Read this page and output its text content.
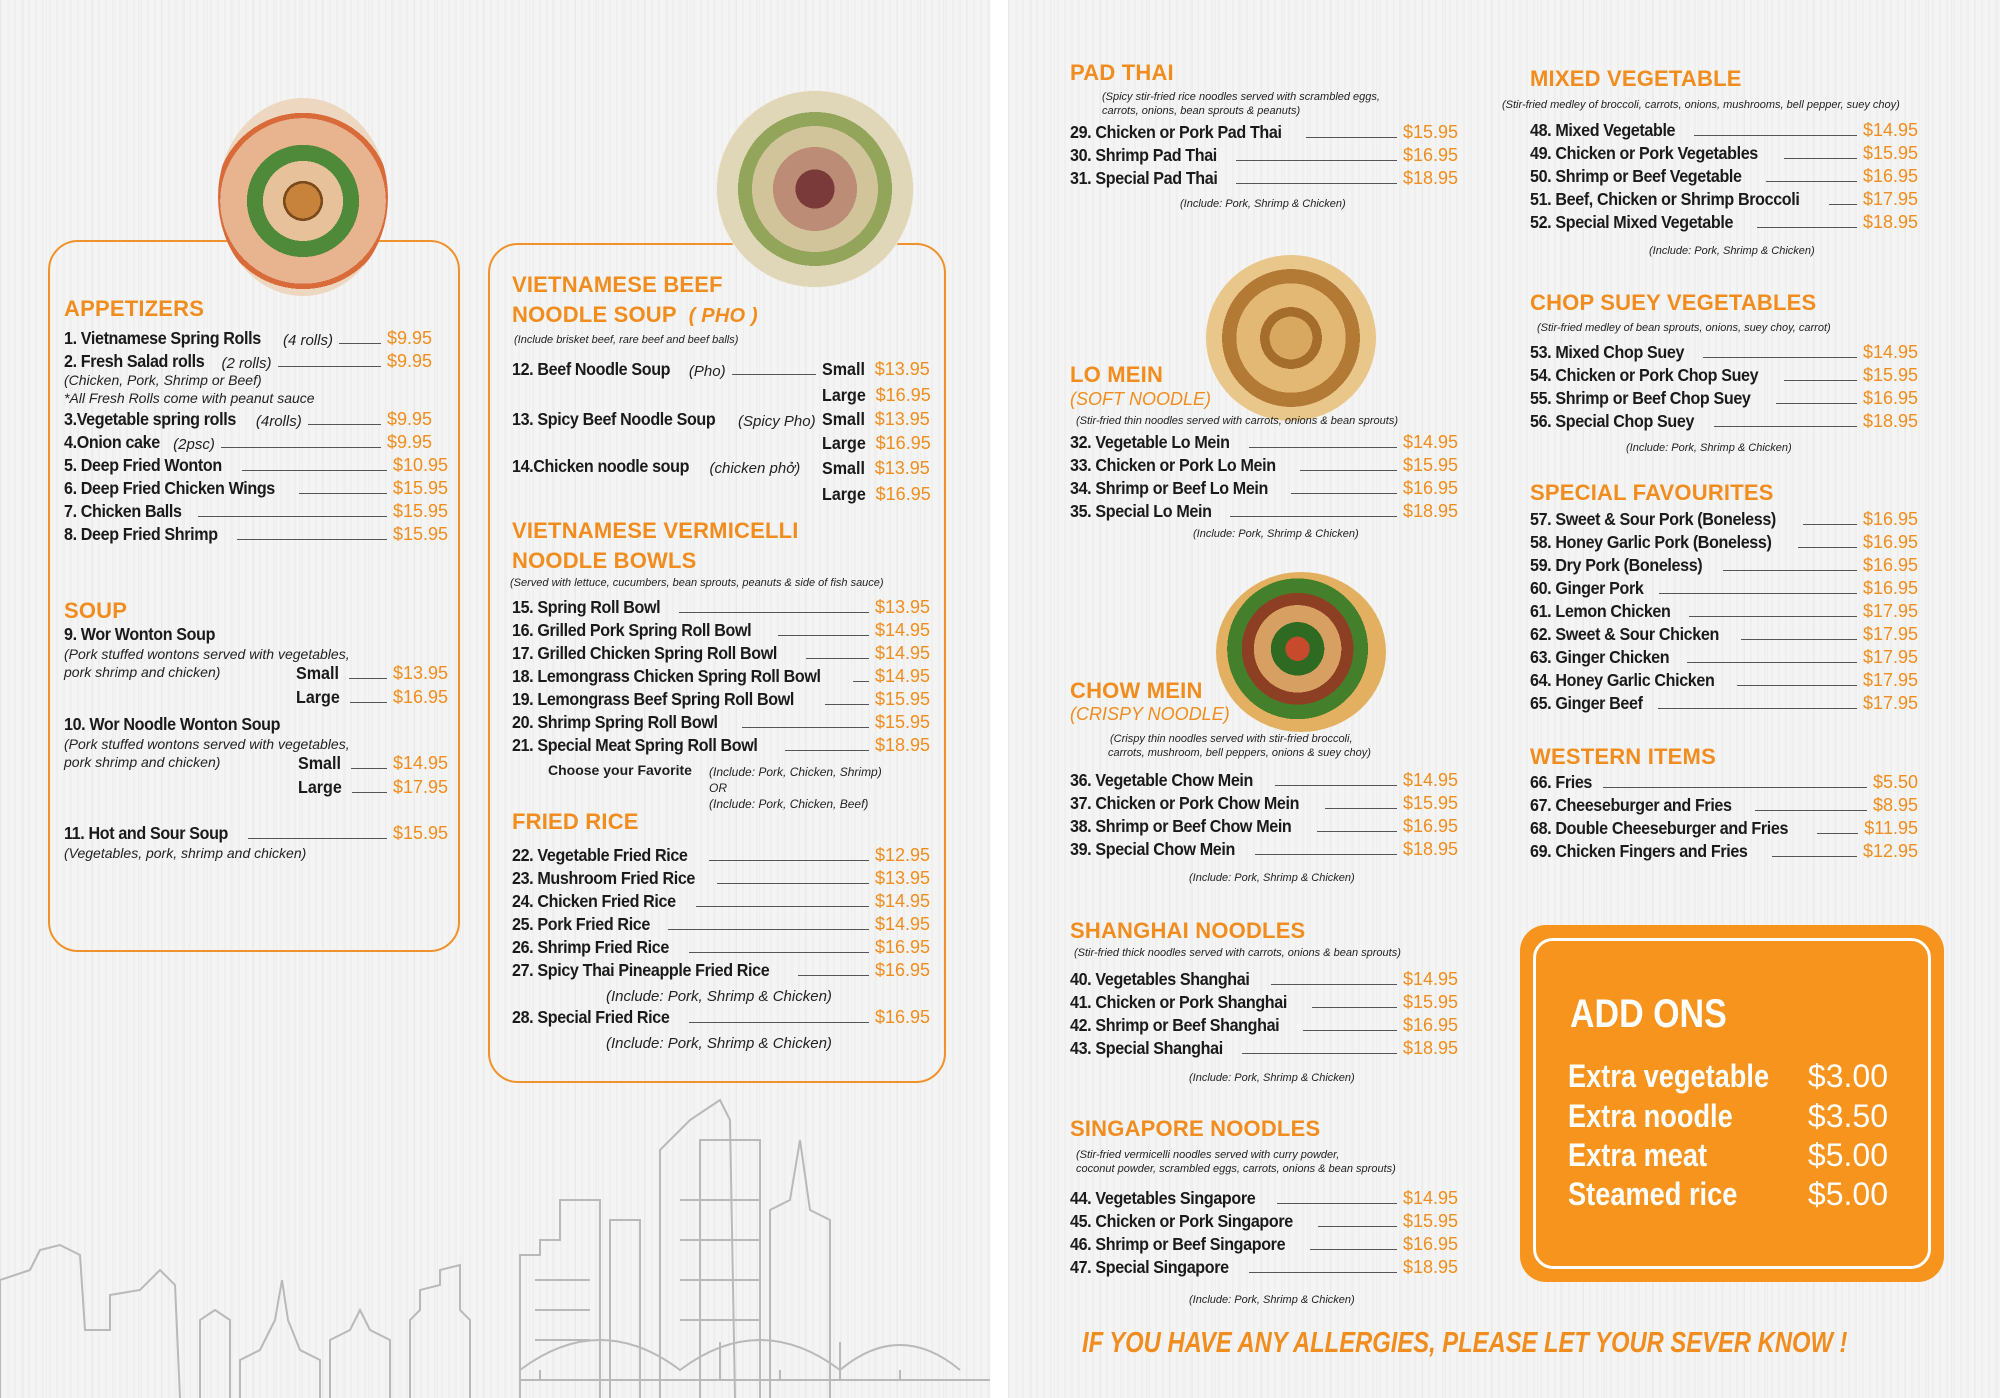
APPETIZERS
1. Vietnamese Spring Rolls (4 rolls)	$9.95
2. Fresh Salad rolls (2 rolls)	$9.95
(Chicken, Pork, Shrimp or Beef)
*All Fresh Rolls come with peanut sauce
3.Vegetable spring rolls (4rolls)	$9.95
4.Onion cake (2psc)	$9.95
5. Deep Fried Wonton	$10.95
6. Deep Fried Chicken Wings	$15.95
7. Chicken Balls	$15.95
8. Deep Fried Shrimp	$15.95
SOUP
9. Wor Wonton Soup
(Pork stuffed wontons served with vegetables,
pork shrimp and chicken)	Small	$13.95
Large	$16.95
10. Wor Noodle Wonton Soup
(Pork stuffed wontons served with vegetables,
pork shrimp and chicken)	Small	$14.95
Large	$17.95
11. Hot and Sour Soup	$15.95
(Vegetables, pork, shrimp and chicken)
VIETNAMESE BEEF
NOODLE SOUP ( PHO )
(Include brisket beef, rare beef and beef balls)
12. Beef Noodle Soup (Pho)	Small $13.95
Large $16.95
13. Spicy Beef Noodle Soup (Spicy Pho) Small $13.95
Large $16.95
14.Chicken noodle soup (chicken phở) Small $13.95
Large $16.95
VIETNAMESE VERMICELLI
NOODLE BOWLS
(Served with lettuce, cucumbers, bean sprouts, peanuts & side of fish sauce)
15. Spring Roll Bowl	$13.95
16. Grilled Pork Spring Roll Bowl	$14.95
17. Grilled Chicken Spring Roll Bowl	$14.95
18. Lemongrass Chicken Spring Roll Bowl	$14.95
19. Lemongrass Beef Spring Roll Bowl	$15.95
20. Shrimp Spring Roll Bowl	$15.95
21. Special Meat Spring Roll Bowl	$18.95
Choose your Favorite (Include: Pork, Chicken, Shrimp)
OR
(Include: Pork, Chicken, Beef)
FRIED RICE
22. Vegetable Fried Rice	$12.95
23. Mushroom Fried Rice	$13.95
24. Chicken Fried Rice	$14.95
25. Pork Fried Rice	$14.95
26. Shrimp Fried Rice	$16.95
27. Spicy Thai Pineapple Fried Rice	$16.95
(Include: Pork, Shrimp & Chicken)
28. Special Fried Rice	$16.95
(Include: Pork, Shrimp & Chicken)
PAD THAI
(Spicy stir-fried rice noodles served with scrambled eggs,
carrots, onions, bean sprouts & peanuts)
29. Chicken or Pork Pad Thai	$15.95
30. Shrimp Pad Thai	$16.95
31. Special Pad Thai	$18.95
(Include: Pork, Shrimp & Chicken)
LO MEIN
(SOFT NOODLE)
(Stir-fried thin noodles served with carrots, onions & bean sprouts)
32. Vegetable Lo Mein	$14.95
33. Chicken or Pork Lo Mein	$15.95
34. Shrimp or Beef Lo Mein	$16.95
35. Special Lo Mein	$18.95
(Include: Pork, Shrimp & Chicken)
CHOW MEIN
(CRISPY NOODLE)
(Crispy thin noodles served with stir-fried broccoli,
carrots, mushroom, bell peppers, onions & suey choy)
36. Vegetable Chow Mein	$14.95
37. Chicken or Pork Chow Mein	$15.95
38. Shrimp or Beef Chow Mein	$16.95
39. Special Chow Mein	$18.95
(Include: Pork, Shrimp & Chicken)
SHANGHAI NOODLES
(Stir-fried thick noodles served with carrots, onions & bean sprouts)
40. Vegetables Shanghai	$14.95
41. Chicken or Pork Shanghai	$15.95
42. Shrimp or Beef Shanghai	$16.95
43. Special Shanghai	$18.95
(Include: Pork, Shrimp & Chicken)
SINGAPORE NOODLES
(Stir-fried vermicelli noodles served with curry powder,
coconut powder, scrambled eggs, carrots, onions & bean sprouts)
44. Vegetables Singapore	$14.95
45. Chicken or Pork Singapore	$15.95
46. Shrimp or Beef Singapore	$16.95
47. Special Singapore	$18.95
(Include: Pork, Shrimp & Chicken)
MIXED VEGETABLE
(Stir-fried medley of broccoli, carrots, onions, mushrooms, bell pepper, suey choy)
48. Mixed Vegetable	$14.95
49. Chicken or Pork Vegetables	$15.95
50. Shrimp or Beef Vegetable	$16.95
51. Beef, Chicken or Shrimp Broccoli	$17.95
52. Special Mixed Vegetable	$18.95
(Include: Pork, Shrimp & Chicken)
CHOP SUEY VEGETABLES
(Stir-fried medley of bean sprouts, onions, suey choy, carrot)
53. Mixed Chop Suey	$14.95
54. Chicken or Pork Chop Suey	$15.95
55. Shrimp or Beef Chop Suey	$16.95
56. Special Chop Suey	$18.95
(Include: Pork, Shrimp & Chicken)
SPECIAL FAVOURITES
57. Sweet & Sour Pork (Boneless)	$16.95
58. Honey Garlic Pork (Boneless)	$16.95
59. Dry Pork (Boneless)	$16.95
60. Ginger Pork	$16.95
61. Lemon Chicken	$17.95
62. Sweet & Sour Chicken	$17.95
63. Ginger Chicken	$17.95
64. Honey Garlic Chicken	$17.95
65. Ginger Beef	$17.95
WESTERN ITEMS
66. Fries	$5.50
67. Cheeseburger and Fries	$8.95
68. Double Cheeseburger and Fries	$11.95
69. Chicken Fingers and Fries	$12.95
ADD ONS
Extra vegetable $3.00
Extra noodle $3.50
Extra meat	$5.00
Steamed rice $5.00
IF YOU HAVE ANY ALLERGIES, PLEASE LET YOUR SEVER KNOW !
